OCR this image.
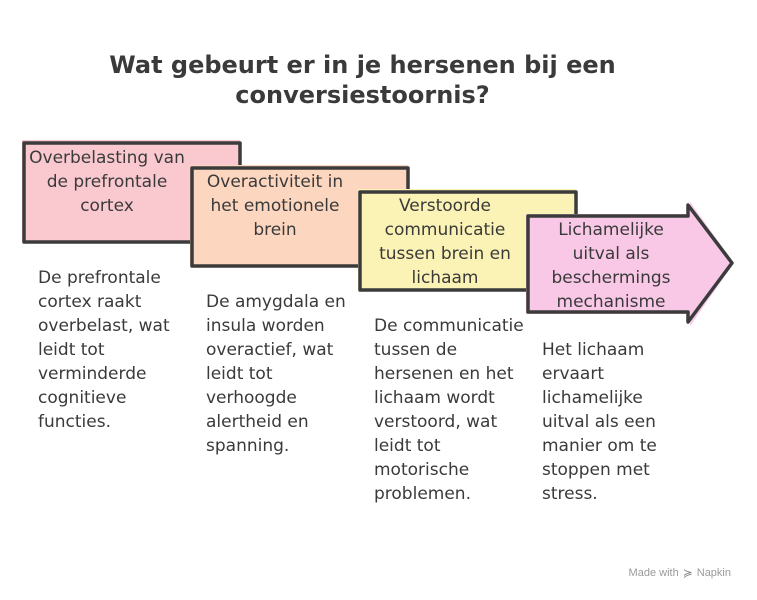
Wat gebeurt er in je hersenen bij een conversiestoornis?
Overbelasting van de prefrontale cortex
Overactiviteit in het emotionele brein
Verstoorde communicatie tussen brein en lichaam
Lichamelijke uitval als beschermings mechanisme
De prefrontale cortex raakt overbelast, wat leidt tot verminderde cognitieve functies.
De amygdala en insula worden overactief, wat leidt tot verhoogde alertheid en spanning.
De communicatie tussen de hersenen en het lichaam wordt verstoord, wat leidt tot motorische problemen.
Het lichaam ervaart lichamelijke uitval als een manier om te stoppen met stress.
Made with ≽ Napkin
